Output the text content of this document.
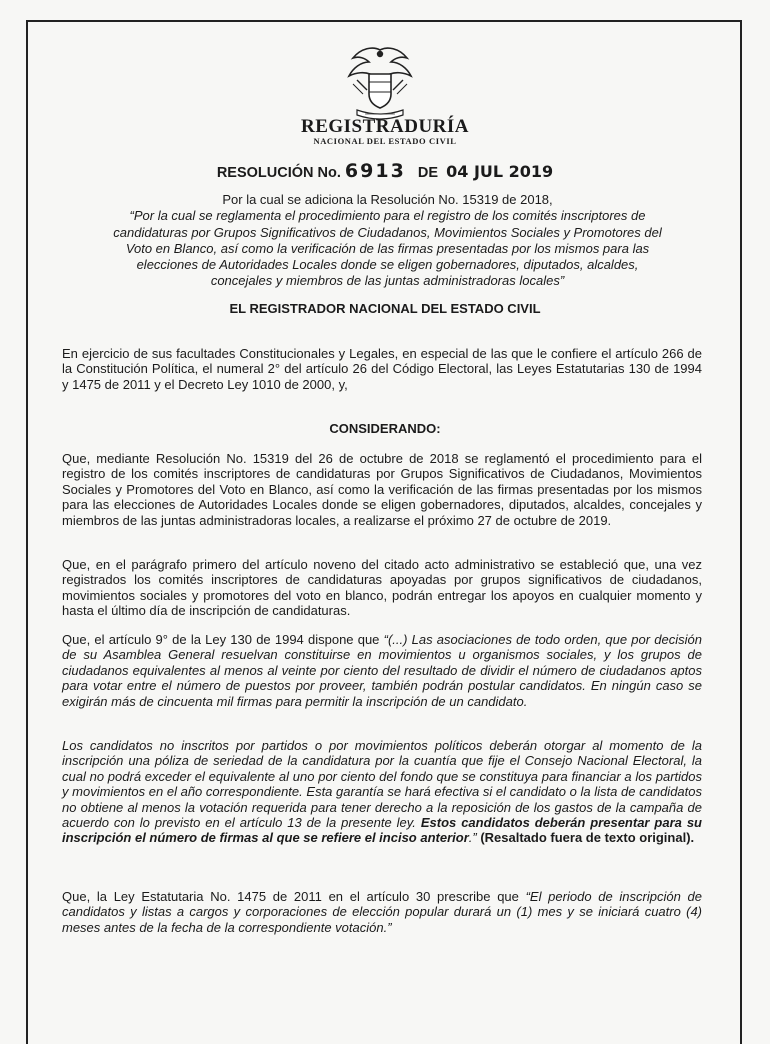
REGISTRADURÍA
NACIONAL DEL ESTADO CIVIL
RESOLUCIÓN No. 6913 DE 04 JUL 2019
Por la cual se adiciona la Resolución No. 15319 de 2018,
“Por la cual se reglamenta el procedimiento para el registro de los comités inscriptores de candidaturas por Grupos Significativos de Ciudadanos, Movimientos Sociales y Promotores del Voto en Blanco, así como la verificación de las firmas presentadas por los mismos para las elecciones de Autoridades Locales donde se eligen gobernadores, diputados, alcaldes, concejales y miembros de las juntas administradoras locales”
EL REGISTRADOR NACIONAL DEL ESTADO CIVIL
En ejercicio de sus facultades Constitucionales y Legales, en especial de las que le confiere el artículo 266 de la Constitución Política, el numeral 2° del artículo 26 del Código Electoral, las Leyes Estatutarias 130 de 1994 y 1475 de 2011 y el Decreto Ley 1010 de 2000, y,
CONSIDERANDO:
Que, mediante Resolución No. 15319 del 26 de octubre de 2018 se reglamentó el procedimiento para el registro de los comités inscriptores de candidaturas por Grupos Significativos de Ciudadanos, Movimientos Sociales y Promotores del Voto en Blanco, así como la verificación de las firmas presentadas por los mismos para las elecciones de Autoridades Locales donde se eligen gobernadores, diputados, alcaldes, concejales y miembros de las juntas administradoras locales, a realizarse el próximo 27 de octubre de 2019.
Que, en el parágrafo primero del artículo noveno del citado acto administrativo se estableció que, una vez registrados los comités inscriptores de candidaturas apoyadas por grupos significativos de ciudadanos, movimientos sociales y promotores del voto en blanco, podrán entregar los apoyos en cualquier momento y hasta el último día de inscripción de candidaturas.
Que, el artículo 9° de la Ley 130 de 1994 dispone que “(...) Las asociaciones de todo orden, que por decisión de su Asamblea General resuelvan constituirse en movimientos u organismos sociales, y los grupos de ciudadanos equivalentes al menos al veinte por ciento del resultado de dividir el número de ciudadanos aptos para votar entre el número de puestos por proveer, también podrán postular candidatos. En ningún caso se exigirán más de cincuenta mil firmas para permitir la inscripción de un candidato.
Los candidatos no inscritos por partidos o por movimientos políticos deberán otorgar al momento de la inscripción una póliza de seriedad de la candidatura por la cuantía que fije el Consejo Nacional Electoral, la cual no podrá exceder el equivalente al uno por ciento del fondo que se constituya para financiar a los partidos y movimientos en el año correspondiente. Esta garantía se hará efectiva si el candidato o la lista de candidatos no obtiene al menos la votación requerida para tener derecho a la reposición de los gastos de la campaña de acuerdo con lo previsto en el artículo 13 de la presente ley. Estos candidatos deberán presentar para su inscripción el número de firmas al que se refiere el inciso anterior.” (Resaltado fuera de texto original).
Que, la Ley Estatutaria No. 1475 de 2011 en el artículo 30 prescribe que “El periodo de inscripción de candidatos y listas a cargos y corporaciones de elección popular durará un (1) mes y se iniciará cuatro (4) meses antes de la fecha de la correspondiente votación.”
